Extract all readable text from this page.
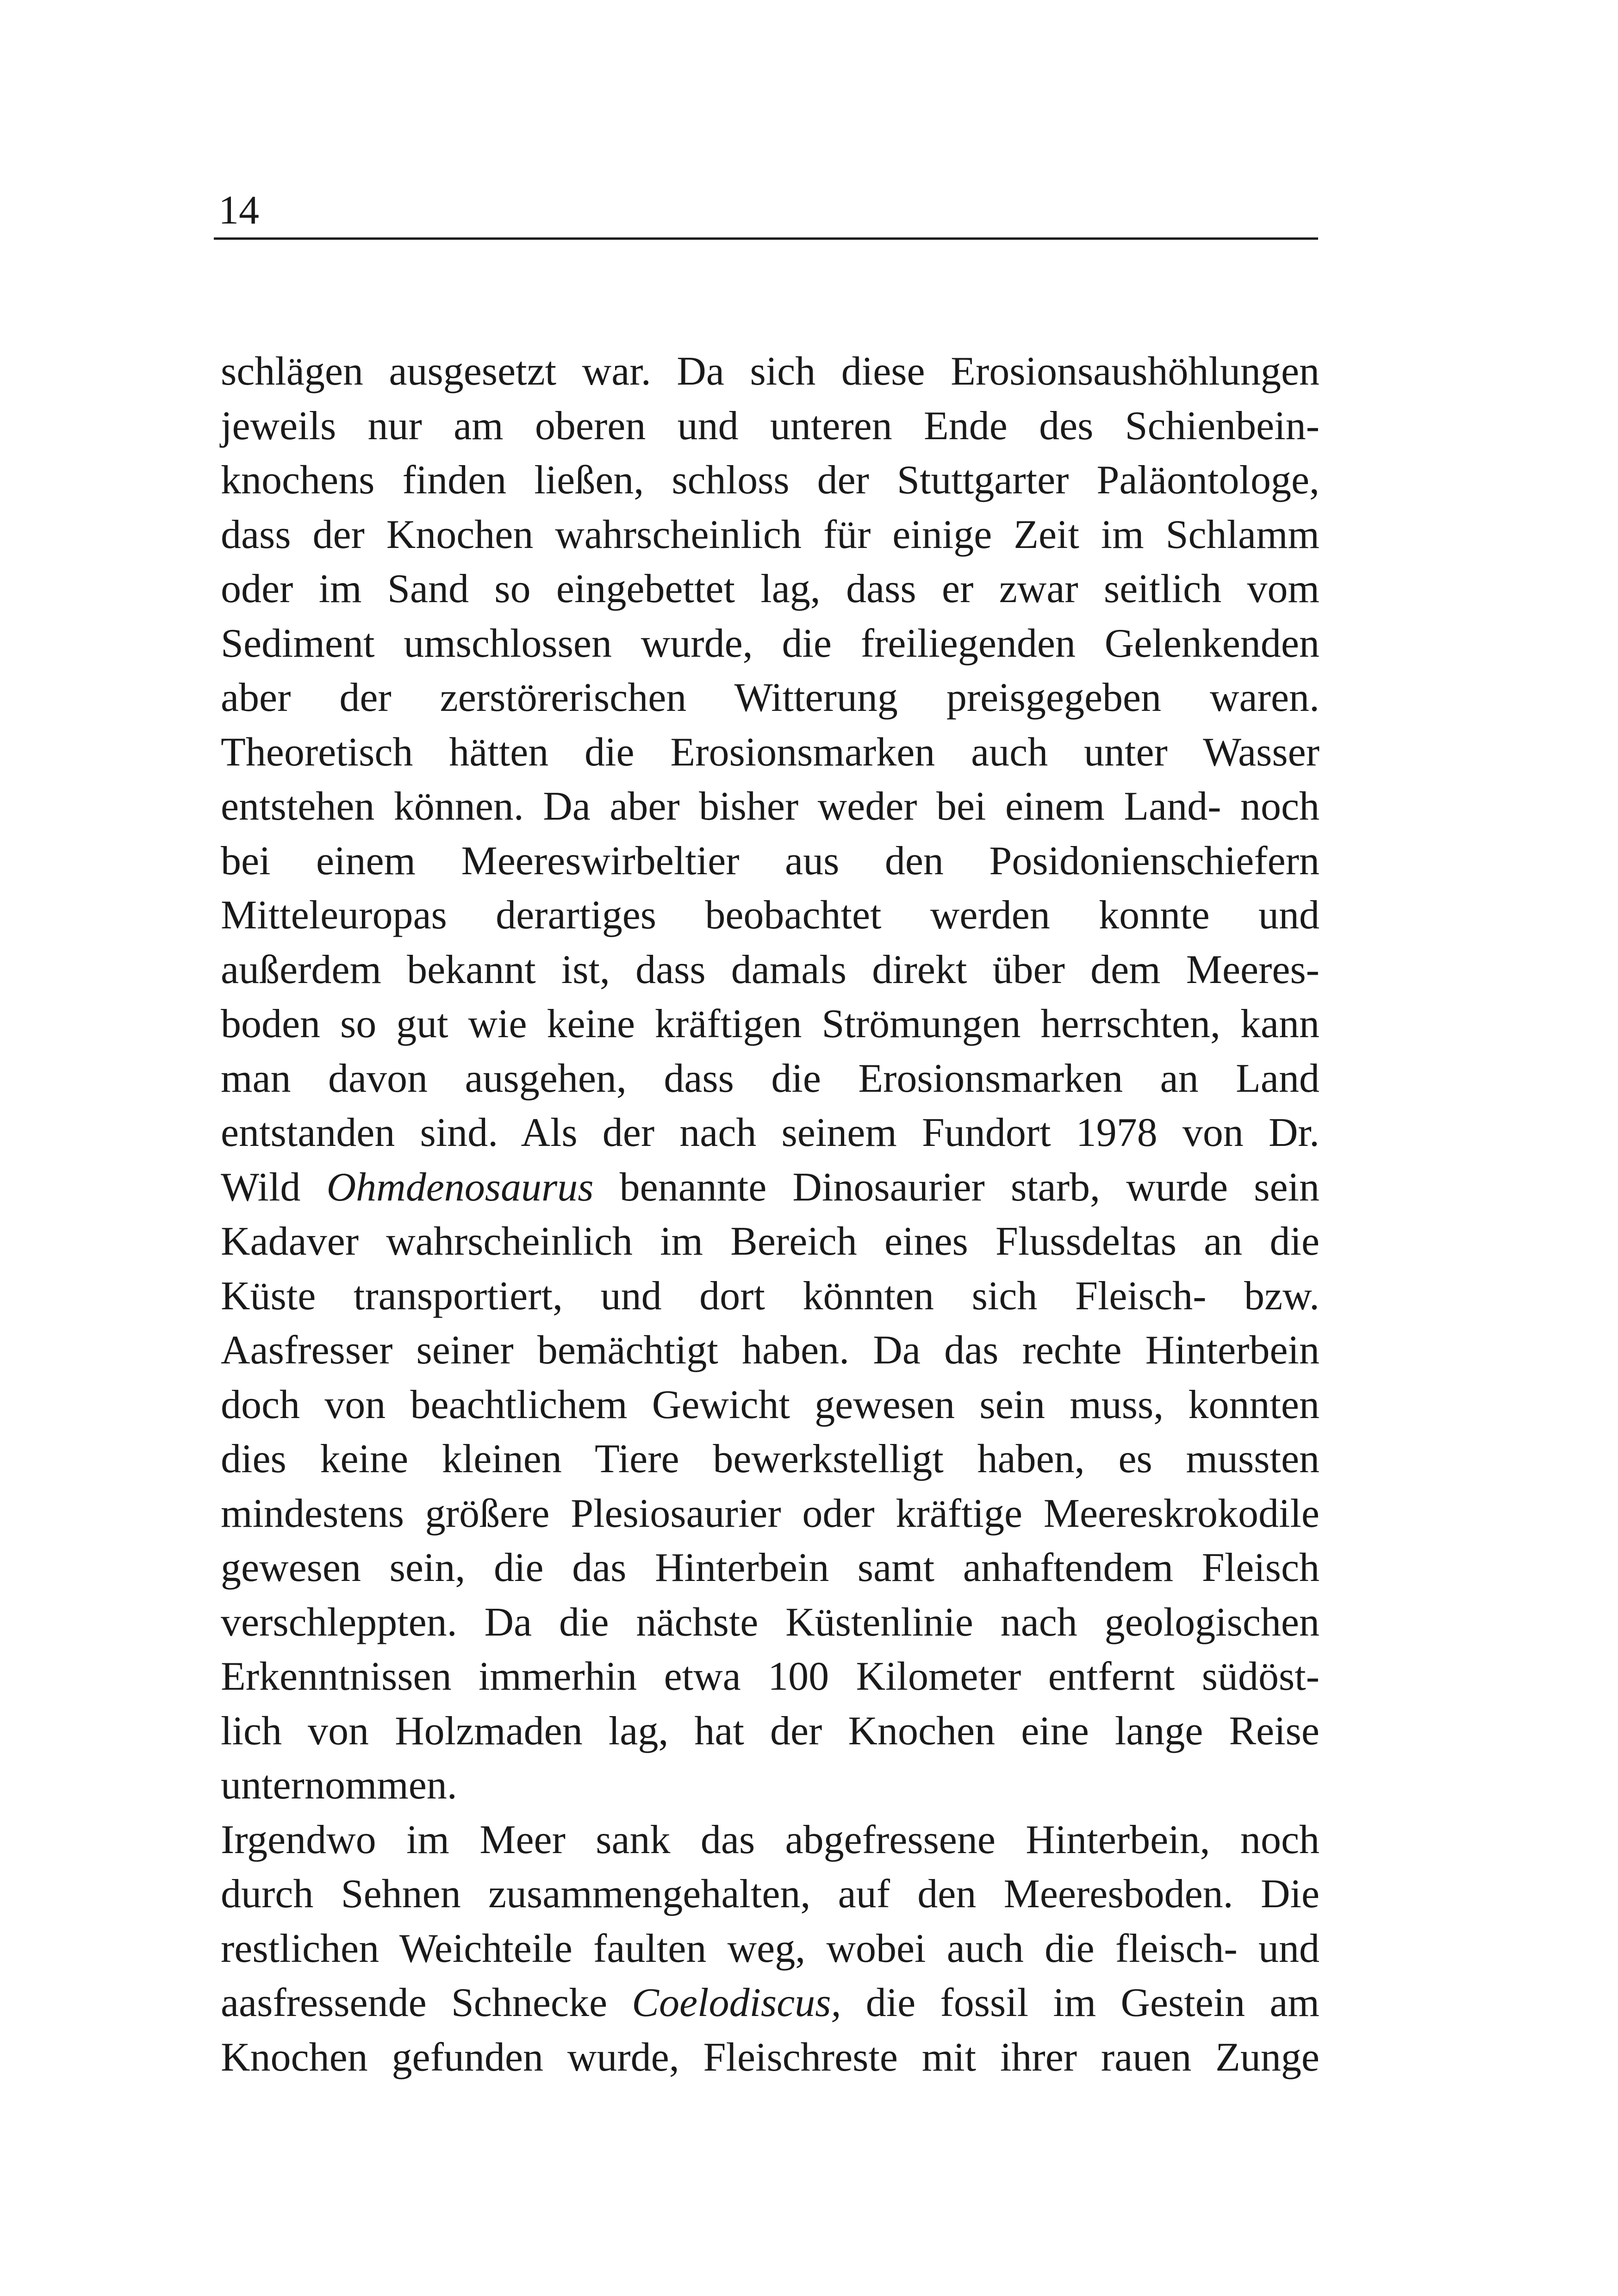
14
schlägen ausgesetzt war. Da sich diese Erosionsaushöhlungen
jeweils nur am oberen und unteren Ende des Schienbein-
knochens finden ließen, schloss der Stuttgarter Paläontologe,
dass der Knochen wahrscheinlich für einige Zeit im Schlamm
oder im Sand so eingebettet lag, dass er zwar seitlich vom
Sediment umschlossen wurde, die freiliegenden Gelenkenden
aber der zerstörerischen Witterung preisgegeben waren.
Theoretisch hätten die Erosionsmarken auch unter Wasser
entstehen können. Da aber bisher weder bei einem Land- noch
bei einem Meereswirbeltier aus den Posidonienschiefern
Mitteleuropas derartiges beobachtet werden konnte und
außerdem bekannt ist, dass damals direkt über dem Meeres-
boden so gut wie keine kräftigen Strömungen herrschten, kann
man davon ausgehen, dass die Erosionsmarken an Land
entstanden sind. Als der nach seinem Fundort 1978 von Dr.
Wild Ohmdenosaurus benannte Dinosaurier starb, wurde sein
Kadaver wahrscheinlich im Bereich eines Flussdeltas an die
Küste transportiert, und dort könnten sich Fleisch- bzw.
Aasfresser seiner bemächtigt haben. Da das rechte Hinterbein
doch von beachtlichem Gewicht gewesen sein muss, konnten
dies keine kleinen Tiere bewerkstelligt haben, es mussten
mindestens größere Plesiosaurier oder kräftige Meereskrokodile
gewesen sein, die das Hinterbein samt anhaftendem Fleisch
verschleppten. Da die nächste Küstenlinie nach geologischen
Erkenntnissen immerhin etwa 100 Kilometer entfernt südöst-
lich von Holzmaden lag, hat der Knochen eine lange Reise
unternommen.
Irgendwo im Meer sank das abgefressene Hinterbein, noch
durch Sehnen zusammengehalten, auf den Meeresboden. Die
restlichen Weichteile faulten weg, wobei auch die fleisch- und
aasfressende Schnecke Coelodiscus, die fossil im Gestein am
Knochen gefunden wurde, Fleischreste mit ihrer rauen Zunge
